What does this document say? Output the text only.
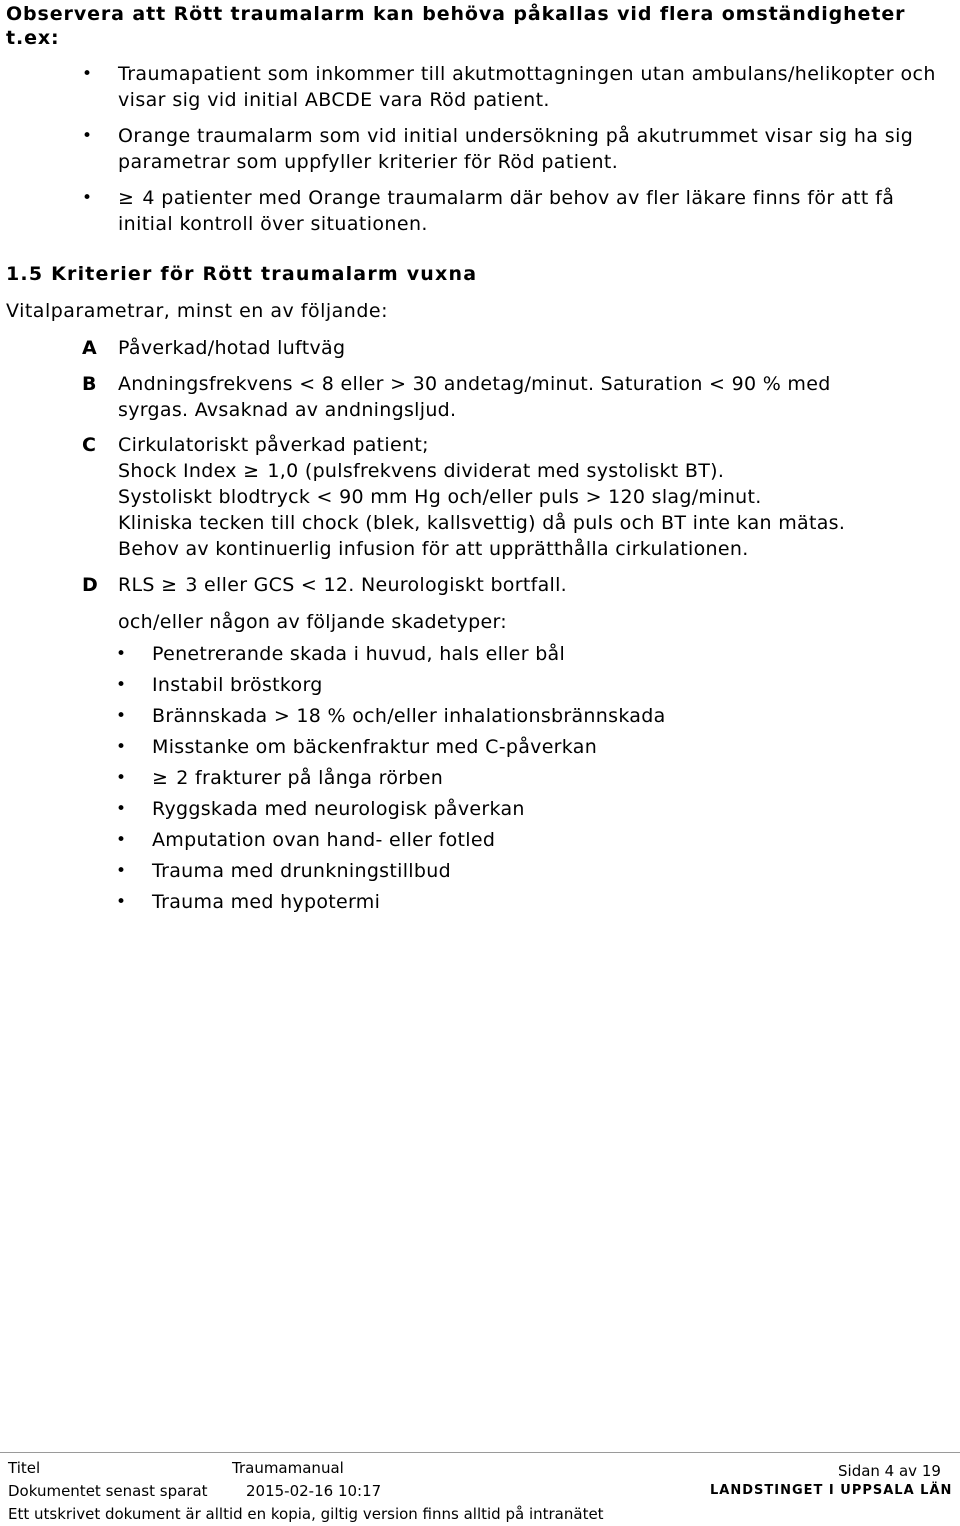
Observera att Rött traumalarm kan behöva påkallas vid flera omständigheter t.ex:
• Traumapatient som inkommer till akutmottagningen utan ambulans/helikopter och visar sig vid initial ABCDE vara Röd patient.
• Orange traumalarm som vid initial undersökning på akutrummet visar sig ha sig parametrar som uppfyller kriterier för Röd patient.
• ≥ 4 patienter med Orange traumalarm där behov av fler läkare finns för att få initial kontroll över situationen.
1.5 Kriterier för Rött traumalarm vuxna
Vitalparametrar, minst en av följande:
A Påverkad/hotad luftväg
B Andningsfrekvens < 8 eller > 30 andetag/minut. Saturation < 90 % med
syrgas. Avsaknad av andningsljud.
C Cirkulatoriskt påverkad patient;
Shock Index ≥ 1,0 (pulsfrekvens dividerat med systoliskt BT).
Systoliskt blodtryck < 90 mm Hg och/eller puls > 120 slag/minut.
Kliniska tecken till chock (blek, kallsvettig) då puls och BT inte kan mätas.
Behov av kontinuerlig infusion för att upprätthålla cirkulationen.
D RLS ≥ 3 eller GCS < 12. Neurologiskt bortfall.
och/eller någon av följande skadetyper:
• Penetrerande skada i huvud, hals eller bål
• Instabil bröstkorg
• Brännskada > 18 % och/eller inhalationsbrännskada
• Misstanke om bäckenfraktur med C-påverkan
• ≥ 2 frakturer på långa rörben
• Ryggskada med neurologisk påverkan
• Amputation ovan hand- eller fotled
• Trauma med drunkningstillbud
• Trauma med hypotermi
Titel	Traumamanual	Sidan 4 av 19
Dokumentet senast sparat	2015-02-16 10:17	LANDSTINGET I UPPSALA LÄN
Ett utskrivet dokument är alltid en kopia, giltig version finns alltid på intranätet
